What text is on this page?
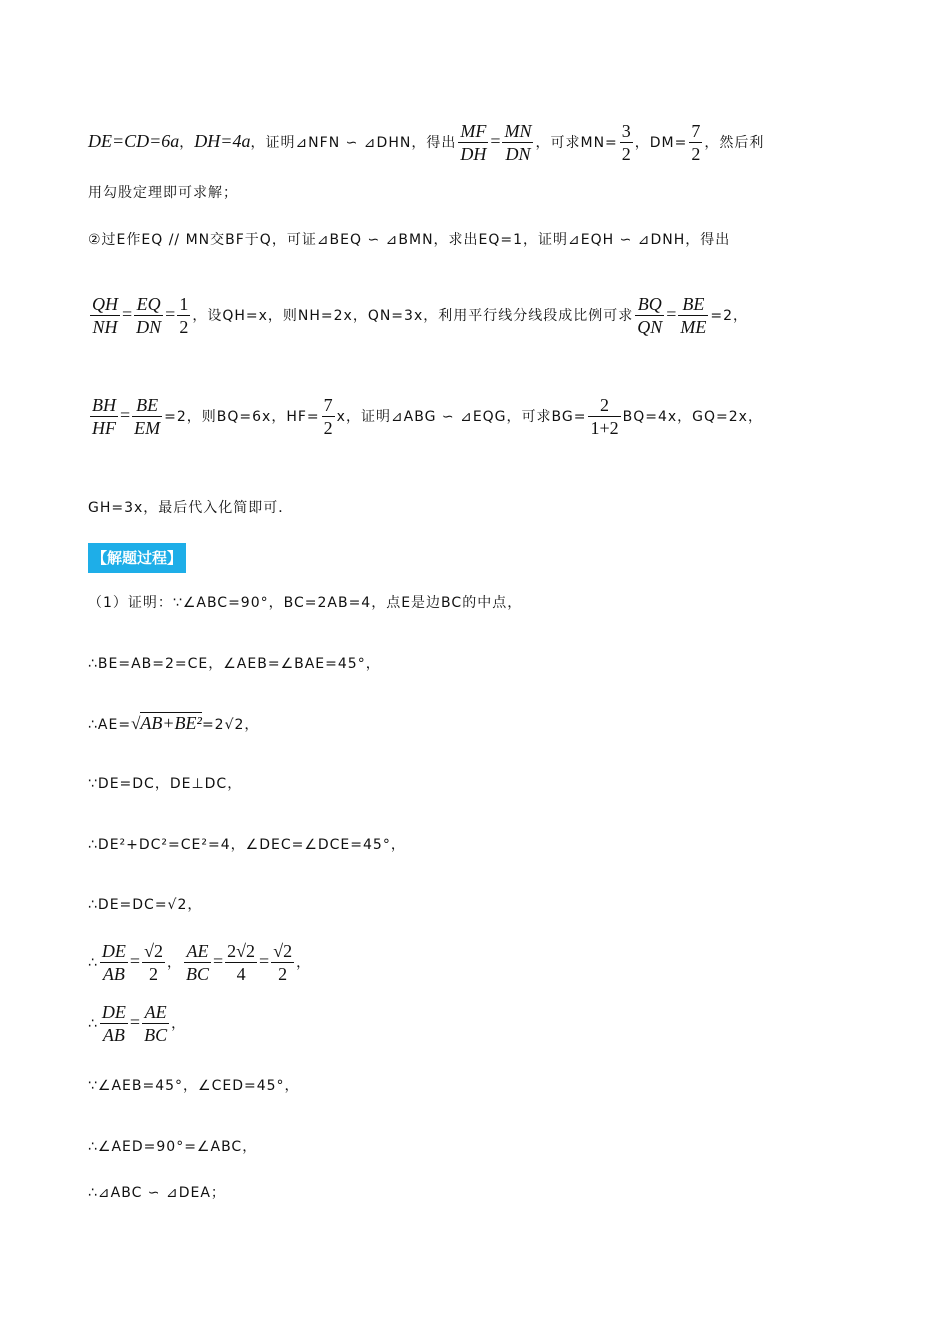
DE=CD=6a，DH=4a，证明⊿NFN ∽ ⊿DHN，得出 $\frac{MF}{DH} = \frac{MN}{DN}$ ，可求$MN= \frac{3}{2}$ ，$DM= \frac{7}{2}$ ，然后利
用勾股定理即可求解；
②过E作EQ // MN交BF于Q，可证⊿BEQ ∽ ⊿BMN，求出EQ=1，证明⊿EQH ∽ ⊿DNH，得出
$\frac{QH}{NH} = \frac{EQ}{DN} = \frac{1}{2}$ ，设QH=x，则NH=2x，QN=3x，利用平行线分线段成比例可求 $\frac{BQ}{QN} = \frac{BE}{ME} =2$，
$\frac{BH}{HF} = \frac{BE}{EM} =2$，则BQ=6x，$HF= \frac{7}{2}$ x，证明⊿ABG ∽ ⊿EQG，可求$BG= \frac{2}{1+2} BQ=4x$，GQ=2x，
GH=3x，最后代入化简即可．
【解题过程】
（1）证明：∵∠ABC=90°，BC=2AB=4，点E是边BC的中点，
∴BE=AB=2=CE，∠AEB=∠BAE=45°，
∴AE=√AB+BE²=2√2，
∵DE=DC，DE⊥DC，
∴DE²+DC²=CE²=4，∠DEC=∠DCE=45°，
∴DE=DC=√2，
∴ $\frac{DE}{AB} = \frac{√2}{2}$ ， $\frac{AE}{BC} = \frac{2√2}{4} = \frac{√2}{2}$ ，
∴ $\frac{DE}{AB} = \frac{AE}{BC}$ ，
∵∠AEB=45°，∠CED=45°，
∴∠AED=90°=∠ABC，
∴⊿ABC ∽ ⊿DEA；
